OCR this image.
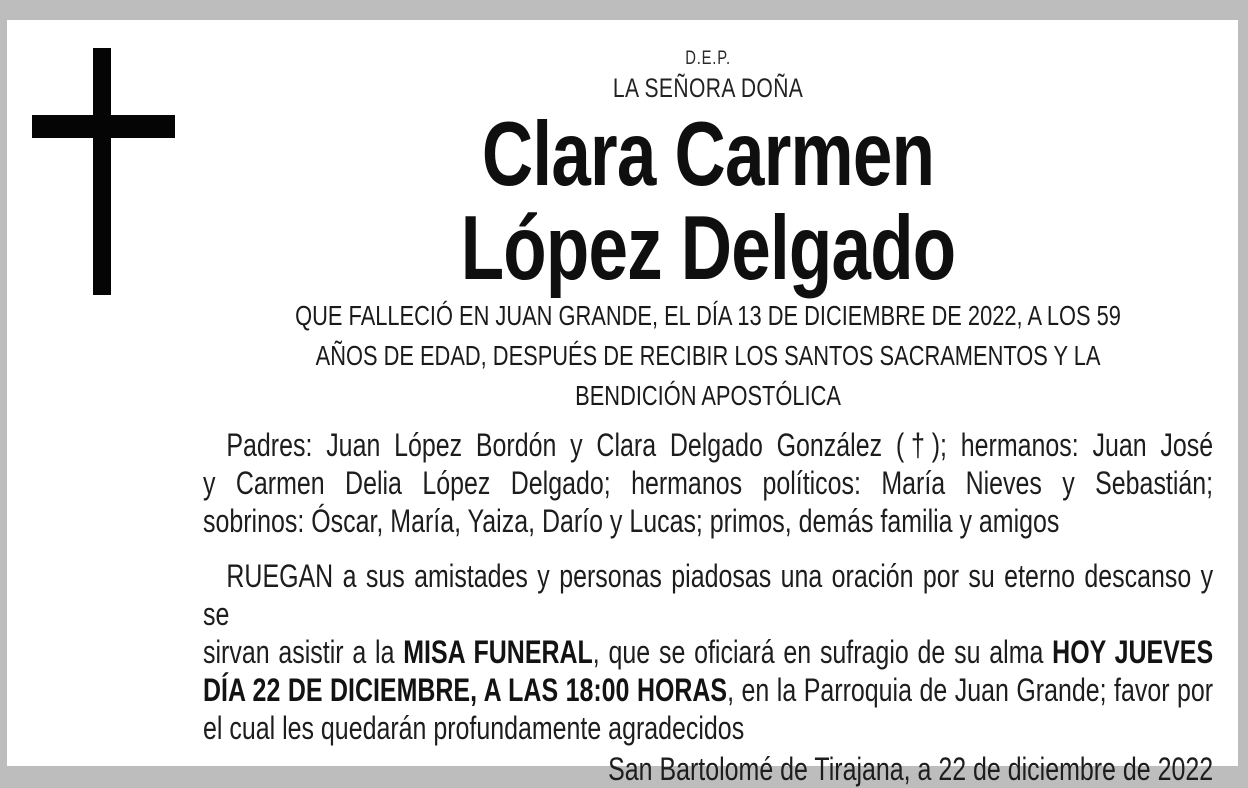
D.E.P.
LA SEÑORA DOÑA
Clara Carmen
López Delgado
QUE FALLECIÓ EN JUAN GRANDE, EL DÍA 13 DE DICIEMBRE DE 2022, A LOS 59
AÑOS DE EDAD, DESPUÉS DE RECIBIR LOS SANTOS SACRAMENTOS Y LA
BENDICIÓN APOSTÓLICA

Padres: Juan López Bordón y Clara Delgado González (†); hermanos: Juan José
y Carmen Delia López Delgado; hermanos políticos: María Nieves y Sebastián;
sobrinos: Óscar, María, Yaiza, Darío y Lucas; primos, demás familia y amigos

RUEGAN a sus amistades y personas piadosas una oración por su eterno descanso y se
sirvan asistir a la MISA FUNERAL, que se oficiará en sufragio de su alma HOY JUEVES
DÍA 22 DE DICIEMBRE, A LAS 18:00 HORAS, en la Parroquia de Juan Grande; favor por
el cual les quedarán profundamente agradecidos

San Bartolomé de Tirajana, a 22 de diciembre de 2022
